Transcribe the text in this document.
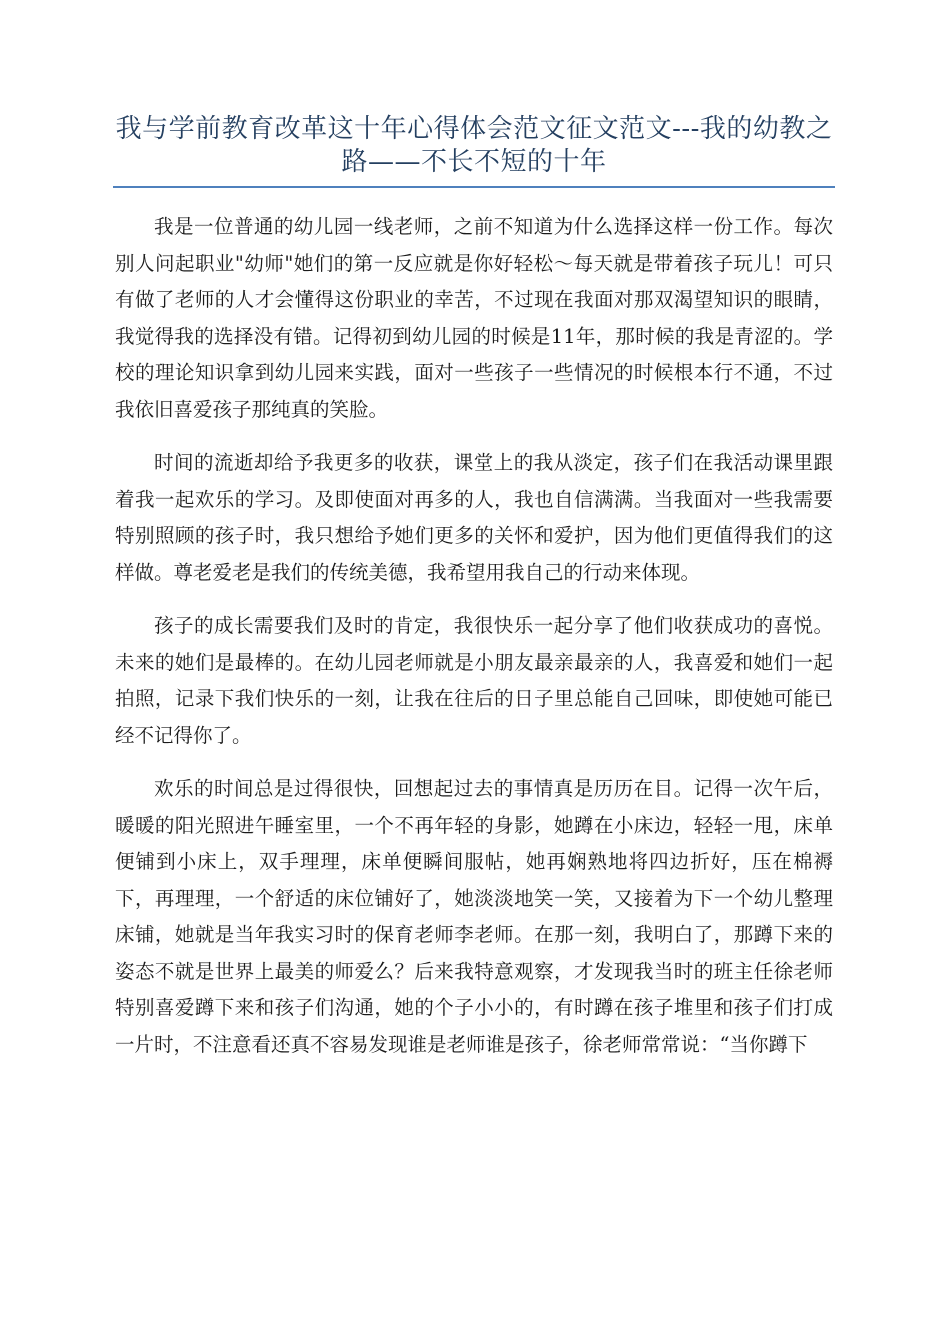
我与学前教育改革这十年心得体会范文征文范文---我的幼教之路——不长不短的十年

我是一位普通的幼儿园一线老师，之前不知道为什么选择这样一份工作。每次别人问起职业"幼师"她们的第一反应就是你好轻松～每天就是带着孩子玩儿！可只有做了老师的人才会懂得这份职业的幸苦，不过现在我面对那双渴望知识的眼睛，我觉得我的选择没有错。记得初到幼儿园的时候是11年，那时候的我是青涩的。学校的理论知识拿到幼儿园来实践，面对一些孩子一些情况的时候根本行不通，不过我依旧喜爱孩子那纯真的笑脸。

时间的流逝却给予我更多的收获，课堂上的我从淡定，孩子们在我活动课里跟着我一起欢乐的学习。及即使面对再多的人，我也自信满满。当我面对一些我需要特别照顾的孩子时，我只想给予她们更多的关怀和爱护，因为他们更值得我们的这样做。尊老爱老是我们的传统美德，我希望用我自己的行动来体现。

孩子的成长需要我们及时的肯定，我很快乐一起分享了他们收获成功的喜悦。未来的她们是最棒的。在幼儿园老师就是小朋友最亲最亲的人，我喜爱和她们一起拍照，记录下我们快乐的一刻，让我在往后的日子里总能自己回味，即使她可能已经不记得你了。

欢乐的时间总是过得很快，回想起过去的事情真是历历在目。记得一次午后，暖暖的阳光照进午睡室里，一个不再年轻的身影，她蹲在小床边，轻轻一甩，床单便铺到小床上，双手理理，床单便瞬间服帖，她再娴熟地将四边折好，压在棉褥下，再理理，一个舒适的床位铺好了，她淡淡地笑一笑，又接着为下一个幼儿整理床铺，她就是当年我实习时的保育老师李老师。在那一刻，我明白了，那蹲下来的姿态不就是世界上最美的师爱么？后来我特意观察，才发现我当时的班主任徐老师特别喜爱蹲下来和孩子们沟通，她的个子小小的，有时蹲在孩子堆里和孩子们打成一片时，不注意看还真不容易发现谁是老师谁是孩子，徐老师常常说：“当你蹲下
